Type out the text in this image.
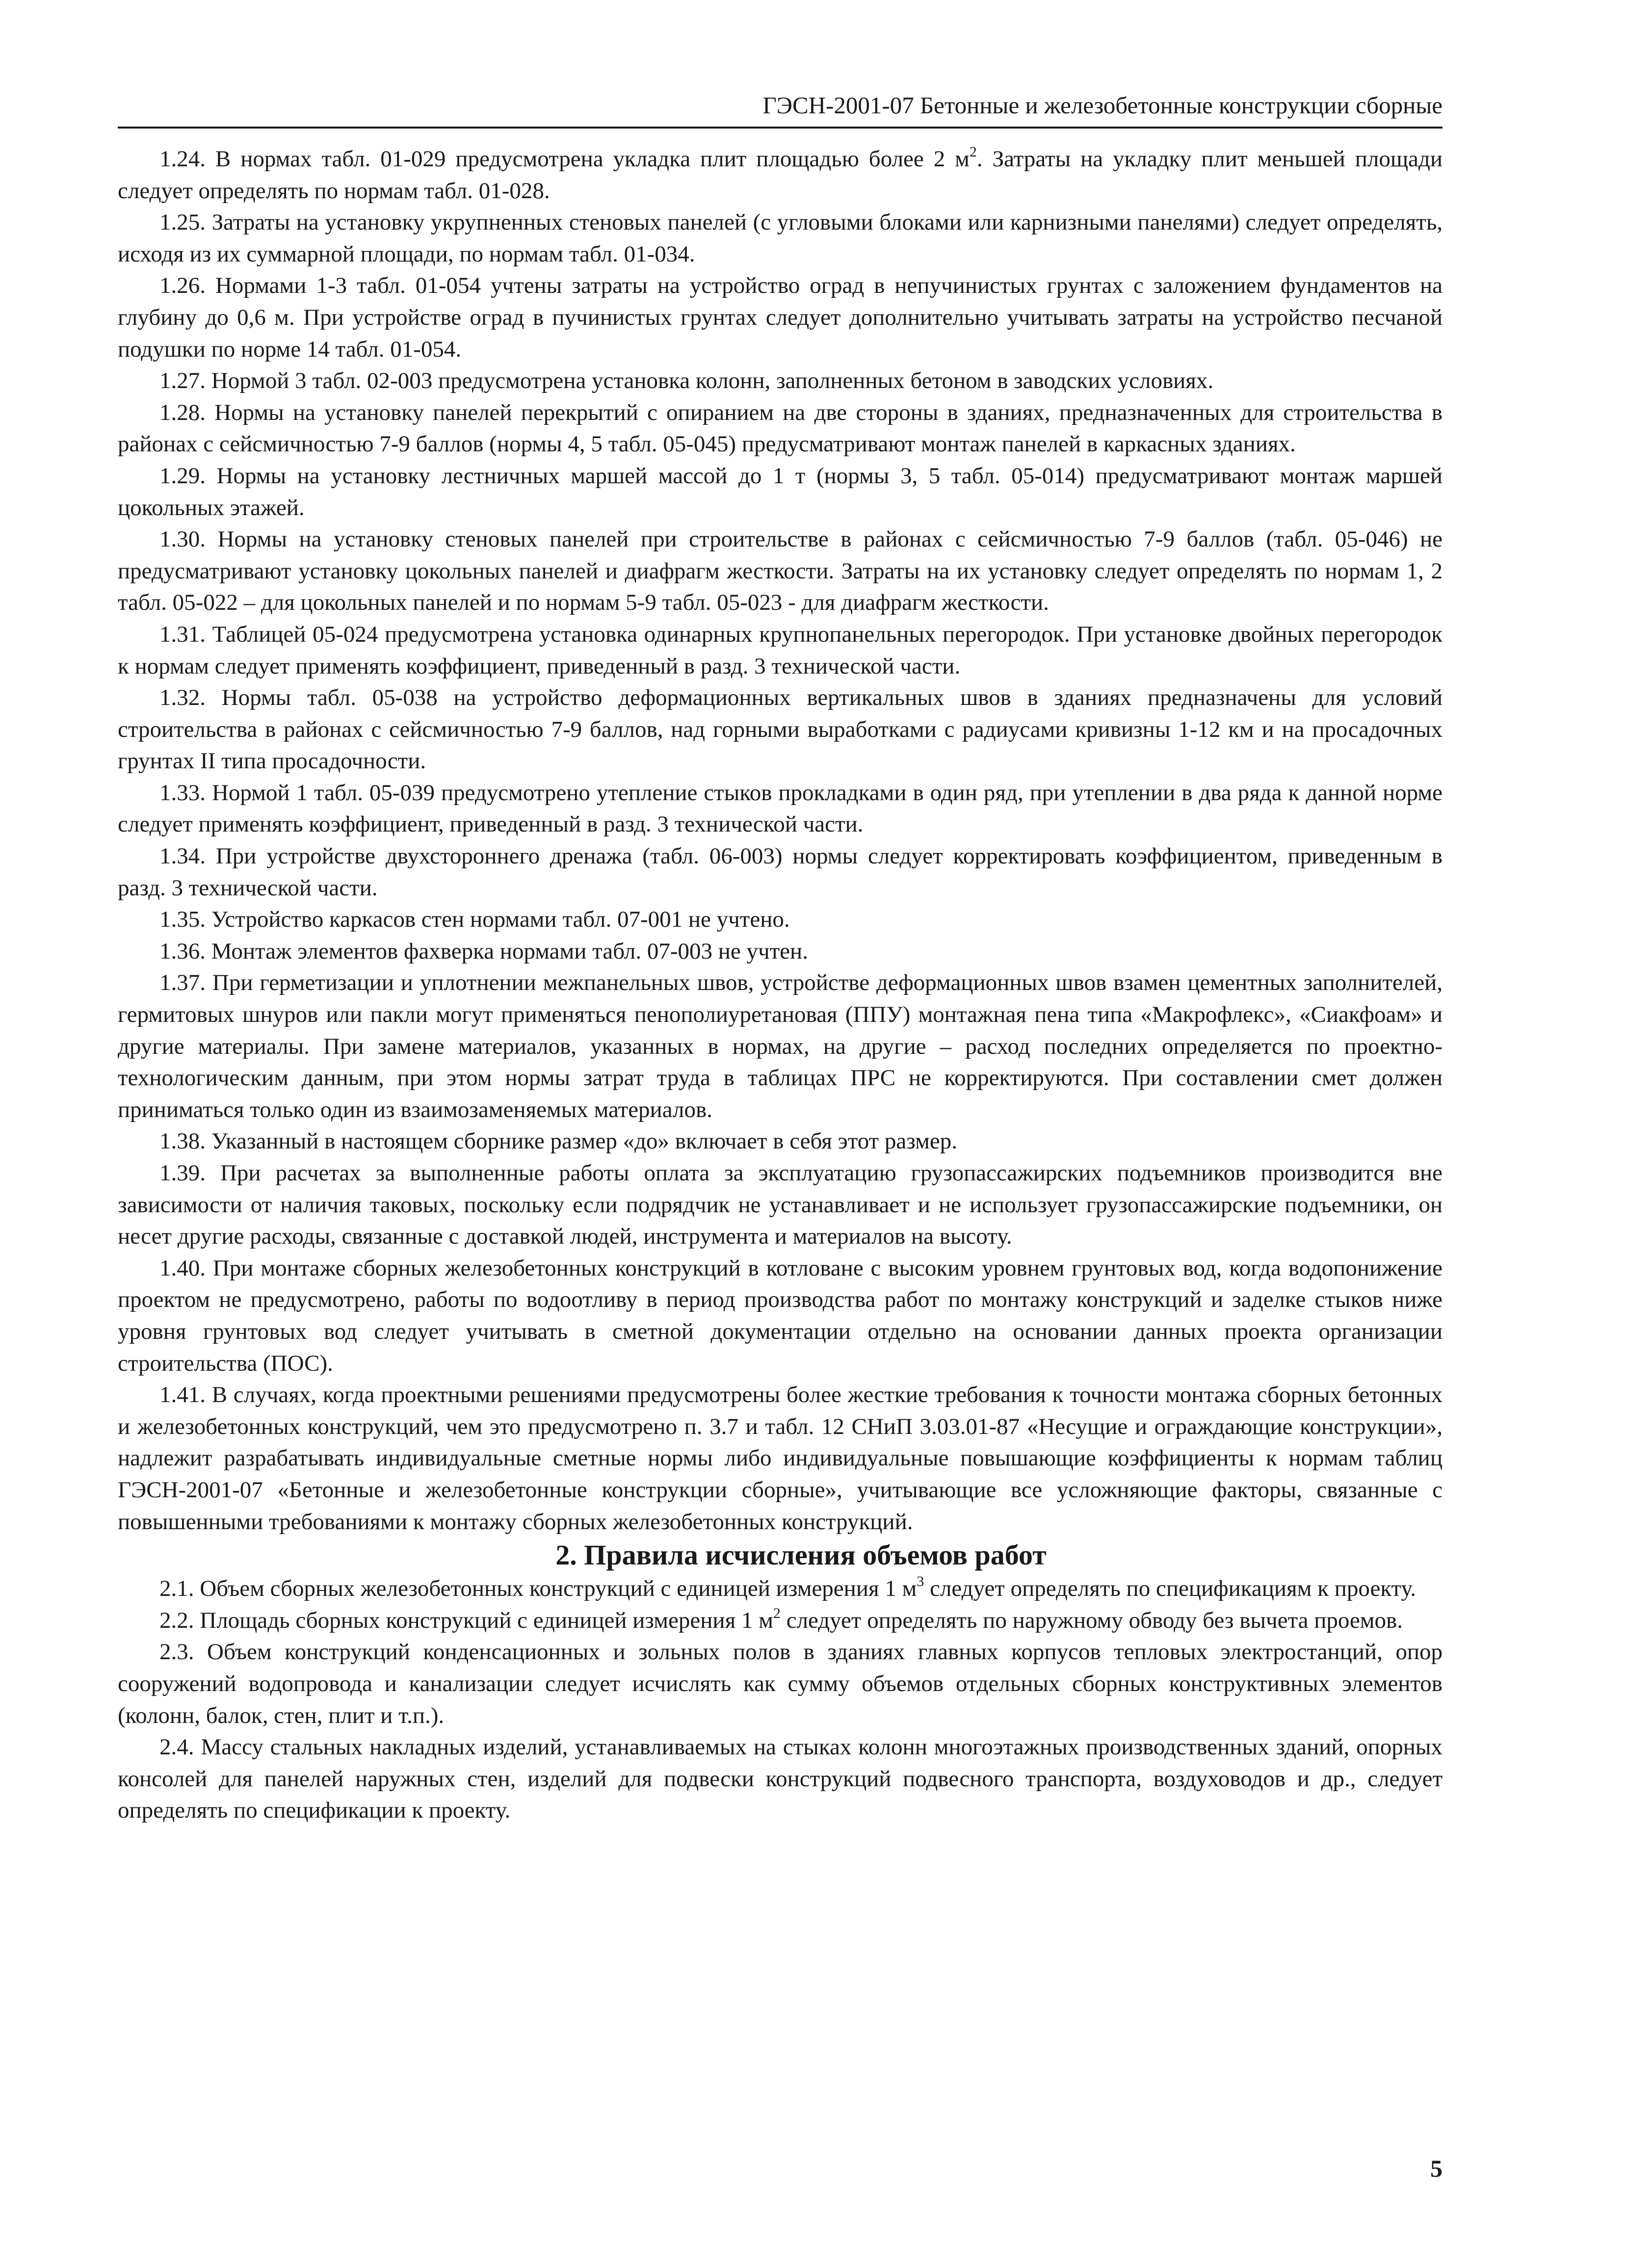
ГЭСН-2001-07 Бетонные и железобетонные конструкции сборные

1.24. В нормах табл. 01-029 предусмотрена укладка плит площадью более 2 $м^2$. Затраты на укладку плит меньшей площади следует определять по нормам табл. 01-028.

1.25. Затраты на установку укрупненных стеновых панелей (с угловыми блоками или карнизными панелями) следует определять, исходя из их суммарной площади, по нормам табл. 01-034.

1.26. Нормами 1-3 табл. 01-054 учтены затраты на устройство оград в непучинистых грунтах с заложением фундаментов на глубину до 0,6 м. При устройстве оград в пучинистых грунтах следует дополнительно учитывать затраты на устройство песчаной подушки по норме 14 табл. 01-054.

1.27. Нормой 3 табл. 02-003 предусмотрена установка колонн, заполненных бетоном в заводских условиях.

1.28. Нормы на установку панелей перекрытий с опиранием на две стороны в зданиях, предназначенных для строительства в районах с сейсмичностью 7-9 баллов (нормы 4, 5 табл. 05-045) предусматривают монтаж панелей в каркасных зданиях.

1.29. Нормы на установку лестничных маршей массой до 1 т (нормы 3, 5 табл. 05-014) предусматривают монтаж маршей цокольных этажей.

1.30. Нормы на установку стеновых панелей при строительстве в районах с сейсмичностью 7-9 баллов (табл. 05-046) не предусматривают установку цокольных панелей и диафрагм жесткости. Затраты на их установку следует определять по нормам 1, 2 табл. 05-022 – для цокольных панелей и по нормам 5-9 табл. 05-023 - для диафрагм жесткости.

1.31. Таблицей 05-024 предусмотрена установка одинарных крупнопанельных перегородок. При установке двойных перегородок к нормам следует применять коэффициент, приведенный в разд. 3 технической части.

1.32. Нормы табл. 05-038 на устройство деформационных вертикальных швов в зданиях предназначены для условий строительства в районах с сейсмичностью 7-9 баллов, над горными выработками с радиусами кривизны 1-12 км и на просадочных грунтах II типа просадочности.

1.33. Нормой 1 табл. 05-039 предусмотрено утепление стыков прокладками в один ряд, при утеплении в два ряда к данной норме следует применять коэффициент, приведенный в разд. 3 технической части.

1.34. При устройстве двухстороннего дренажа (табл. 06-003) нормы следует корректировать коэффициентом, приведенным в разд. 3 технической части.

1.35. Устройство каркасов стен нормами табл. 07-001 не учтено.

1.36. Монтаж элементов фахверка нормами табл. 07-003 не учтен.

1.37. При герметизации и уплотнении межпанельных швов, устройстве деформационных швов взамен цементных заполнителей, гермитовых шнуров или пакли могут применяться пенополиуретановая (ППУ) монтажная пена типа «Макрофлекс», «Сиакфоам» и другие материалы. При замене материалов, указанных в нормах, на другие – расход последних определяется по проектно-технологическим данным, при этом нормы затрат труда в таблицах ПРС не корректируются. При составлении смет должен приниматься только один из взаимозаменяемых материалов.

1.38. Указанный в настоящем сборнике размер «до» включает в себя этот размер.

1.39. При расчетах за выполненные работы оплата за эксплуатацию грузопассажирских подъемников производится вне зависимости от наличия таковых, поскольку если подрядчик не устанавливает и не использует грузопассажирские подъемники, он несет другие расходы, связанные с доставкой людей, инструмента и материалов на высоту.

1.40. При монтаже сборных железобетонных конструкций в котловане с высоким уровнем грунтовых вод, когда водопонижение проектом не предусмотрено, работы по водоотливу в период производства работ по монтажу конструкций и заделке стыков ниже уровня грунтовых вод следует учитывать в сметной документации отдельно на основании данных проекта организации строительства (ПОС).

1.41. В случаях, когда проектными решениями предусмотрены более жесткие требования к точности монтажа сборных бетонных и железобетонных конструкций, чем это предусмотрено п. 3.7 и табл. 12 СНиП 3.03.01-87 «Несущие и ограждающие конструкции», надлежит разрабатывать индивидуальные сметные нормы либо индивидуальные повышающие коэффициенты к нормам таблиц ГЭСН-2001-07 «Бетонные и железобетонные конструкции сборные», учитывающие все усложняющие факторы, связанные с повышенными требованиями к монтажу сборных железобетонных конструкций.

2. Правила исчисления объемов работ

2.1. Объем сборных железобетонных конструкций с единицей измерения 1 $м^3$ следует определять по спецификациям к проекту.

2.2. Площадь сборных конструкций с единицей измерения 1 $м^2$ следует определять по наружному обводу без вычета проемов.

2.3. Объем конструкций конденсационных и зольных полов в зданиях главных корпусов тепловых электростанций, опор сооружений водопровода и канализации следует исчислять как сумму объемов отдельных сборных конструктивных элементов (колонн, балок, стен, плит и т.п.).

2.4. Массу стальных накладных изделий, устанавливаемых на стыках колонн многоэтажных производственных зданий, опорных консолей для панелей наружных стен, изделий для подвески конструкций подвесного транспорта, воздуховодов и др., следует определять по спецификации к проекту.

5
